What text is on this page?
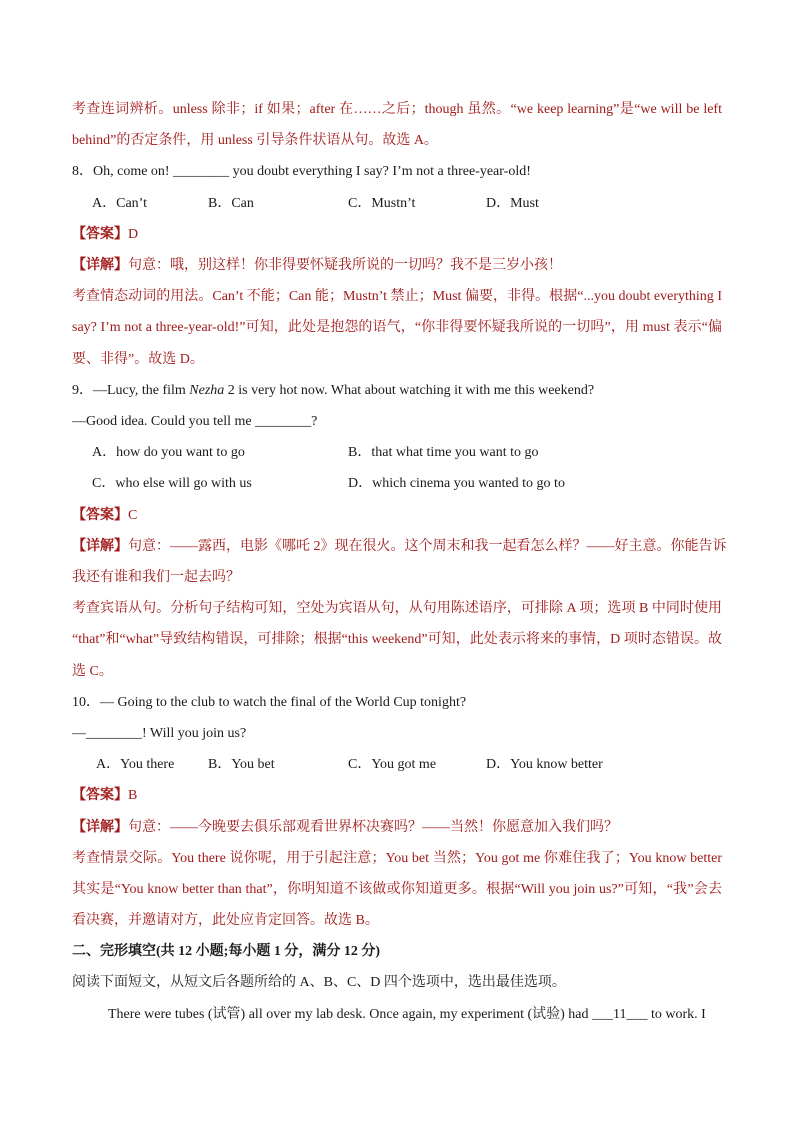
考查连词辨析。unless 除非；if 如果；after 在……之后；though 虽然。“we keep learning”是“we will be left
behind”的否定条件，用 unless 引导条件状语从句。故选 A。
8．Oh, come on! ________ you doubt everything I say? I’m not a three-year-old!
A．Can’t	B．Can	C．Mustn’t	D．Must
【答案】D
【详解】句意：哦，别这样！你非得要怀疑我所说的一切吗？我不是三岁小孩！
考查情态动词的用法。Can’t 不能；Can 能；Mustn’t 禁止；Must 偏要，非得。根据“...you doubt everything I
say? I’m not a three-year-old!”可知，此处是抱怨的语气，“你非得要怀疑我所说的一切吗”，用 must 表示“偏
要、非得”。故选 D。
9．—Lucy, the film Nezha 2 is very hot now. What about watching it with me this weekend?
—Good idea. Could you tell me ________?
A．how do you want to go	B．that what time you want to go
C．who else will go with us	D．which cinema you wanted to go to
【答案】C
【详解】句意：——露西，电影《哪吒 2》现在很火。这个周末和我一起看怎么样？——好主意。你能告诉
我还有谁和我们一起去吗？
考查宾语从句。分析句子结构可知，空处为宾语从句，从句用陈述语序，可排除 A 项；选项 B 中同时使用
“that”和“what”导致结构错误，可排除；根据“this weekend”可知，此处表示将来的事情，D 项时态错误。故
选 C。
10．— Going to the club to watch the final of the World Cup tonight?
—________! Will you join us?
A．You there B．You bet	C．You got me	D．You know better
【答案】B
【详解】句意：——今晚要去俱乐部观看世界杯决赛吗？——当然！你愿意加入我们吗？
考查情景交际。You there 说你呢，用于引起注意；You bet 当然；You got me 你难住我了；You know better
其实是“You know better than that”，你明知道不该做或你知道更多。根据“Will you join us?”可知，“我”会去
看决赛，并邀请对方，此处应肯定回答。故选 B。
二、完形填空(共 12 小题;每小题 1 分，满分 12 分)
阅读下面短文，从短文后各题所给的 A、B、C、D 四个选项中，选出最佳选项。
There were tubes (试管) all over my lab desk. Once again, my experiment (试验) had ___11___ to work. I
